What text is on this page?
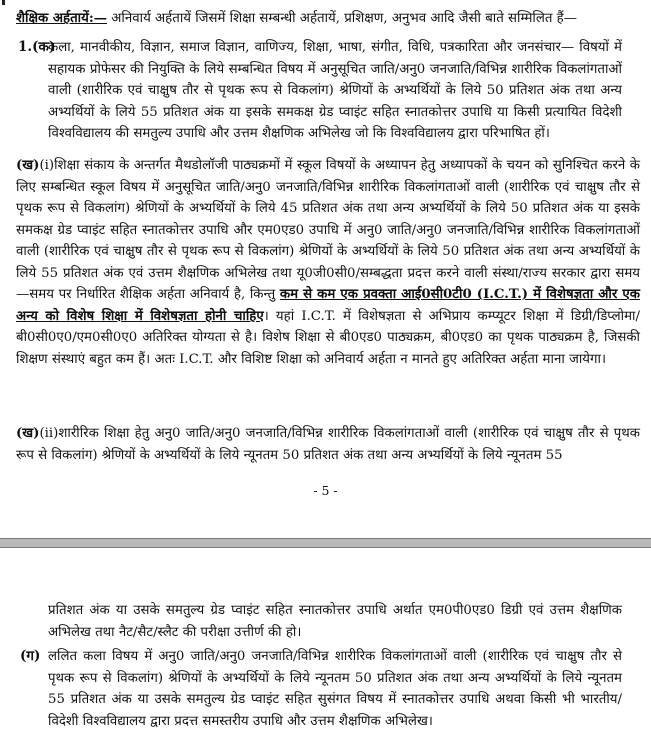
शैक्षिक अर्हतायें:— अनिवार्य अर्हतायें जिसमें शिक्षा सम्बन्धी अर्हतायें, प्रशिक्षण, अनुभव आदि जैसी बाते सम्मिलित हैं—
1.(क)
कला, मानवीकीय, विज्ञान, समाज विज्ञान, वाणिज्य, शिक्षा, भाषा, संगीत, विधि, पत्रकारिता और जनसंचार— विषयों में सहायक प्रोफेसर की नियुक्ति के लिये सम्बन्धित विषय में अनुसूचित जाति/अनु0 जनजाति/विभिन्न शारीरिक विकलांगताओं वाली (शारीरिक एवं चाक्षुष तौर से पृथक रूप से विकलांग) श्रेणियों के अभ्यर्थियों के लिये 50 प्रतिशत अंक तथा अन्य अभ्यर्थियों के लिये 55 प्रतिशत अंक या इसके समकक्ष ग्रेड प्वाइंट सहित स्नातकोत्तर उपाधि या किसी प्रत्यायित विदेशी विश्वविद्यालय की समतुल्य उपाधि और उत्तम शैक्षणिक अभिलेख जो कि विश्वविद्यालय द्वारा परिभाषित हों।
(ख)(i)शिक्षा संकाय के अन्तर्गत मैथडोलॉजी पाठ्यक्रमों में स्कूल विषयों के अध्यापन हेतु अध्यापकों के चयन को सुनिश्चित करने के लिए सम्बन्धित स्कूल विषय में अनुसूचित जाति/अनु0 जनजाति/विभिन्न शारीरिक विकलांगताओं वाली (शारीरिक एवं चाक्षुष तौर से पृथक रूप से विकलांग) श्रेणियों के अभ्यर्थियों के लिये 45 प्रतिशत अंक तथा अन्य अभ्यर्थियों के लिये 50 प्रतिशत अंक या इसके समकक्ष ग्रेड प्वाइंट सहित स्नातकोत्तर उपाधि और एम0एड0 उपाधि में अनु0 जाति/अनु0 जनजाति/विभिन्न शारीरिक विकलांगताओं वाली (शारीरिक एवं चाक्षुष तौर से पृथक रूप से विकलांग) श्रेणियों के अभ्यर्थियों के लिये 50 प्रतिशत अंक तथा अन्य अभ्यर्थियों के लिये 55 प्रतिशत अंक एवं उत्तम शैक्षणिक अभिलेख तथा यू0जी0सी0/सम्बद्धता प्रदत्त करने वाली संस्था/राज्य सरकार द्वारा समय—समय पर निर्धारित शैक्षिक अर्हता अनिवार्य है, किन्तु कम से कम एक प्रवक्ता आई0सी0टी0 (I.C.T.) में विशेषज्ञता और एक अन्य को विशेष शिक्षा में विशेषज्ञता होनी चाहिए। यहां I.C.T. में विशेषज्ञता से अभिप्राय कम्प्यूटर शिक्षा में डिग्री/डिप्लोमा/बी0सी0ए0/एम0सी0ए0 अतिरिक्त योग्यता से है। विशेष शिक्षा से बी0एड0 पाठ्यक्रम, बी0एड0 का पृथक पाठ्यक्रम है, जिसकी शिक्षण संस्थाएं बहुत कम हैं। अतः I.C.T. और विशिष्ट शिक्षा को अनिवार्य अर्हता न मानते हुए अतिरिक्त अर्हता माना जायेगा।
(ख)(ii)शारीरिक शिक्षा हेतु अनु0 जाति/अनु0 जनजाति/विभिन्न शारीरिक विकलांगताओं वाली (शारीरिक एवं चाक्षुष तौर से पृथक रूप से विकलांग) श्रेणियों के अभ्यर्थियों के लिये न्यूनतम 50 प्रतिशत अंक तथा अन्य अभ्यर्थियों के लिये न्यूनतम 55
- 5 -
प्रतिशत अंक या उसके समतुल्य ग्रेड प्वाइंट सहित स्नातकोत्तर उपाधि अर्थात एम0पी0एड0 डिग्री एवं उत्तम शैक्षणिक अभिलेख तथा नैट/सैट/स्लैट की परीक्षा उत्तीर्ण की हो।
(ग) ललित कला विषय में अनु0 जाति/अनु0 जनजाति/विभिन्न शारीरिक विकलांगताओं वाली (शारीरिक एवं चाक्षुष तौर से पृथक रूप से विकलांग) श्रेणियों के अभ्यर्थियों के लिये न्यूनतम 50 प्रतिशत अंक तथा अन्य अभ्यर्थियों के लिये न्यूनतम 55 प्रतिशत अंक या उसके समतुल्य ग्रेड प्वाइंट सहित सुसंगत विषय में स्नातकोत्तर उपाधि अथवा किसी भी भारतीय/विदेशी विश्वविद्यालय द्वारा प्रदत्त समस्तरीय उपाधि और उत्तम शैक्षणिक अभिलेख।
